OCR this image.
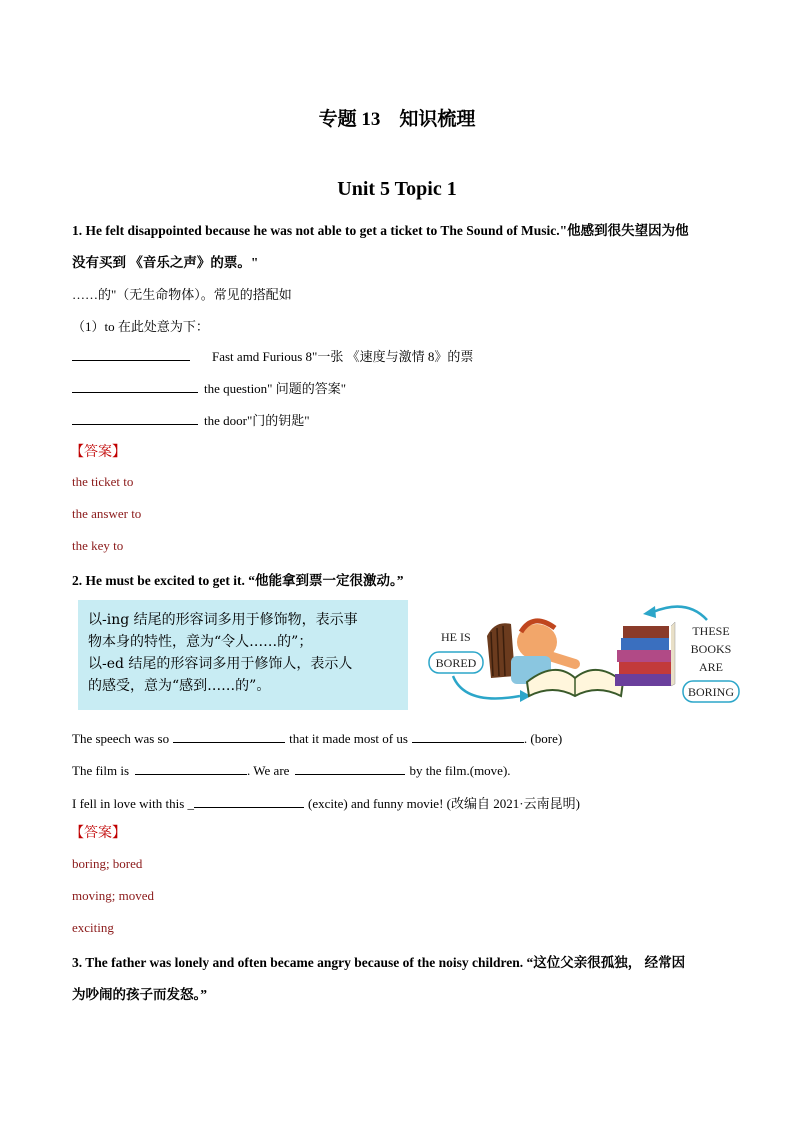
专题 13　知识梳理
Unit 5 Topic 1
1. He felt disappointed because he was not able to get a ticket to The Sound of Music."他感到很失望因为他
没有买到 《音乐之声》的票。"
……的"（无生命物体）。常见的搭配如
（1）to 在此处意为下：
Fast amd Furious 8"一张 《速度与激情 8》的票
the question" 问题的答案"
the door"门的钥匙"
【答案】
the ticket to
the answer to
the key to
2. He must be excited to get it. “他能拿到票一定很激动。”
以-ing 结尾的形容词多用于修饰物，表示事
物本身的特性，意为“令人……的”；
以-ed 结尾的形容词多用于修饰人，表示人
的感受，意为“感到……的”。
HE IS
BORED
THESE
BOOKS
ARE
BORING
The speech was so	that it made most of us	. (bore)
The film is	. We are	by the film.(move).
I fell in love with this _	(excite) and funny movie! (改编自 2021·云南昆明)
【答案】
boring; bored
moving; moved
exciting
3. The father was lonely and often became angry because of the noisy children. “这位父亲很孤独， 经常因
为吵闹的孩子而发怒。”
